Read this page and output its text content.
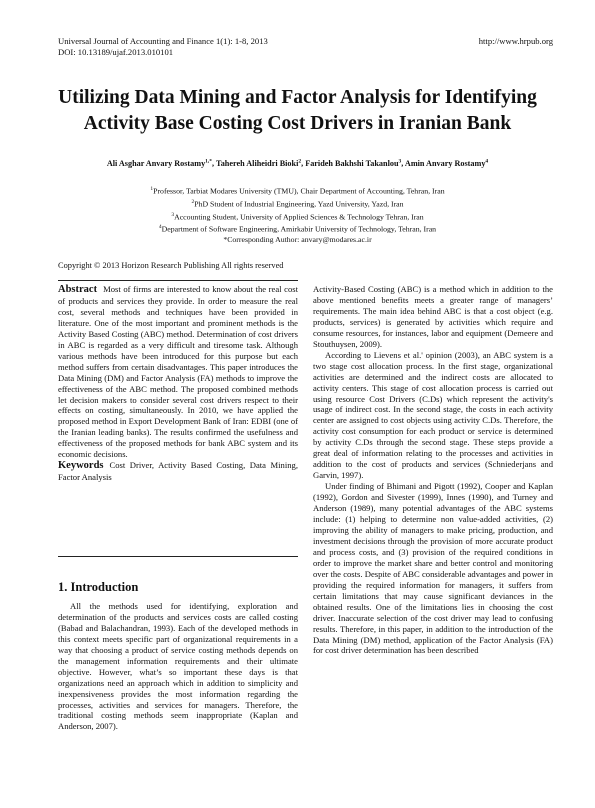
Universal Journal of Accounting and Finance 1(1): 1-8, 2013
DOI: 10.13189/ujaf.2013.010101
http://www.hrpub.org
Utilizing Data Mining and Factor Analysis for Identifying
Activity Base Costing Cost Drivers in Iranian Bank
Ali Asghar Anvary Rostamy$^{1,*}$, Tahereh Aliheidri Bioki$^2$, Farideh Bakhshi Takanlou$^3$, Amin Anvary Rostamy$^4$
$^1$Professor, Tarbiat Modares University (TMU), Chair Department of Accounting, Tehran, Iran
$^2$PhD Student of Industrial Engineering, Yazd University, Yazd, Iran
$^3$Accounting Student, University of Applied Sciences & Technology Tehran, Iran
$^4$Department of Software Engineering, Amirkabir University of Technology, Tehran, Iran
*Corresponding Author: anvary@modares.ac.ir
Copyright © 2013 Horizon Research Publishing All rights reserved

Abstract Most of firms are interested to know about the real cost of products and services they provide. In order to measure the real cost, several methods and techniques have been provided in literature. One of the most important and prominent methods is the Activity Based Costing (ABC) method. Determination of cost drivers in ABC is regarded as a very difficult and tiresome task. Although various methods have been introduced for this purpose but each method suffers from certain disadvantages. This paper introduces the Data Mining (DM) and Factor Analysis (FA) methods to improve the effectiveness of the ABC method. The proposed combined methods let decision makers to consider several cost drivers respect to their effects on costing, simultaneously. In 2010, we have applied the proposed method in Export Development Bank of Iran: EDBI (one of the Iranian leading banks). The results confirmed the usefulness and effectiveness of the proposed methods for bank ABC system and its economic decisions.

Keywords Cost Driver, Activity Based Costing, Data Mining, Factor Analysis

1. Introduction

All the methods used for identifying, exploration and determination of the products and services costs are called costing (Babad and Balachandran, 1993). Each of the developed methods in this context meets specific part of organizational requirements in a way that choosing a product of service costing methods depends on the management information requirements and their ultimate objective. However, what’s so important these days is that organizations need an approach which in addition to simplicity and inexpensiveness provides the most information regarding the processes, activities and services for managers. Therefore, the traditional costing methods seem inappropriate (Kaplan and Anderson, 2007).

Activity-Based Costing (ABC) is a method which in addition to the above mentioned benefits meets a greater range of managers’ requirements. The main idea behind ABC is that a cost object (e.g. products, services) is generated by activities which require and consume resources, for instances, labor and equipment (Demeere and Stouthuysen, 2009).

According to Lievens et al.' opinion (2003), an ABC system is a two stage cost allocation process. In the first stage, organizational activities are determined and the indirect costs are allocated to activity centers. This stage of cost allocation process is carried out using resource Cost Drivers (C.Ds) which represent the activity's usage of indirect cost. In the second stage, the costs in each activity center are assigned to cost objects using activity C.Ds. Therefore, the activity cost consumption for each product or service is determined by activity C.Ds through the second stage. These steps provide a great deal of information relating to the processes and activities in addition to the cost of products and services (Schniederjans and Garvin, 1997).

Under finding of Bhimani and Pigott (1992), Cooper and Kaplan (1992), Gordon and Sivester (1999), Innes (1990), and Turney and Anderson (1989), many potential advantages of the ABC systems include: (1) helping to determine non value-added activities, (2) improving the ability of managers to make pricing, production, and investment decisions through the provision of more accurate product and process costs, and (3) provision of the required conditions in order to improve the market share and better control and monitoring over the costs. Despite of ABC considerable advantages and power in providing the required information for managers, it suffers from certain limitations that may cause significant deviances in the obtained results. One of the limitations lies in choosing the cost driver. Inaccurate selection of the cost driver may lead to confusing results. Therefore, in this paper, in addition to the introduction of the Data Mining (DM) method, application of the Factor Analysis (FA) for cost driver determination has been described
